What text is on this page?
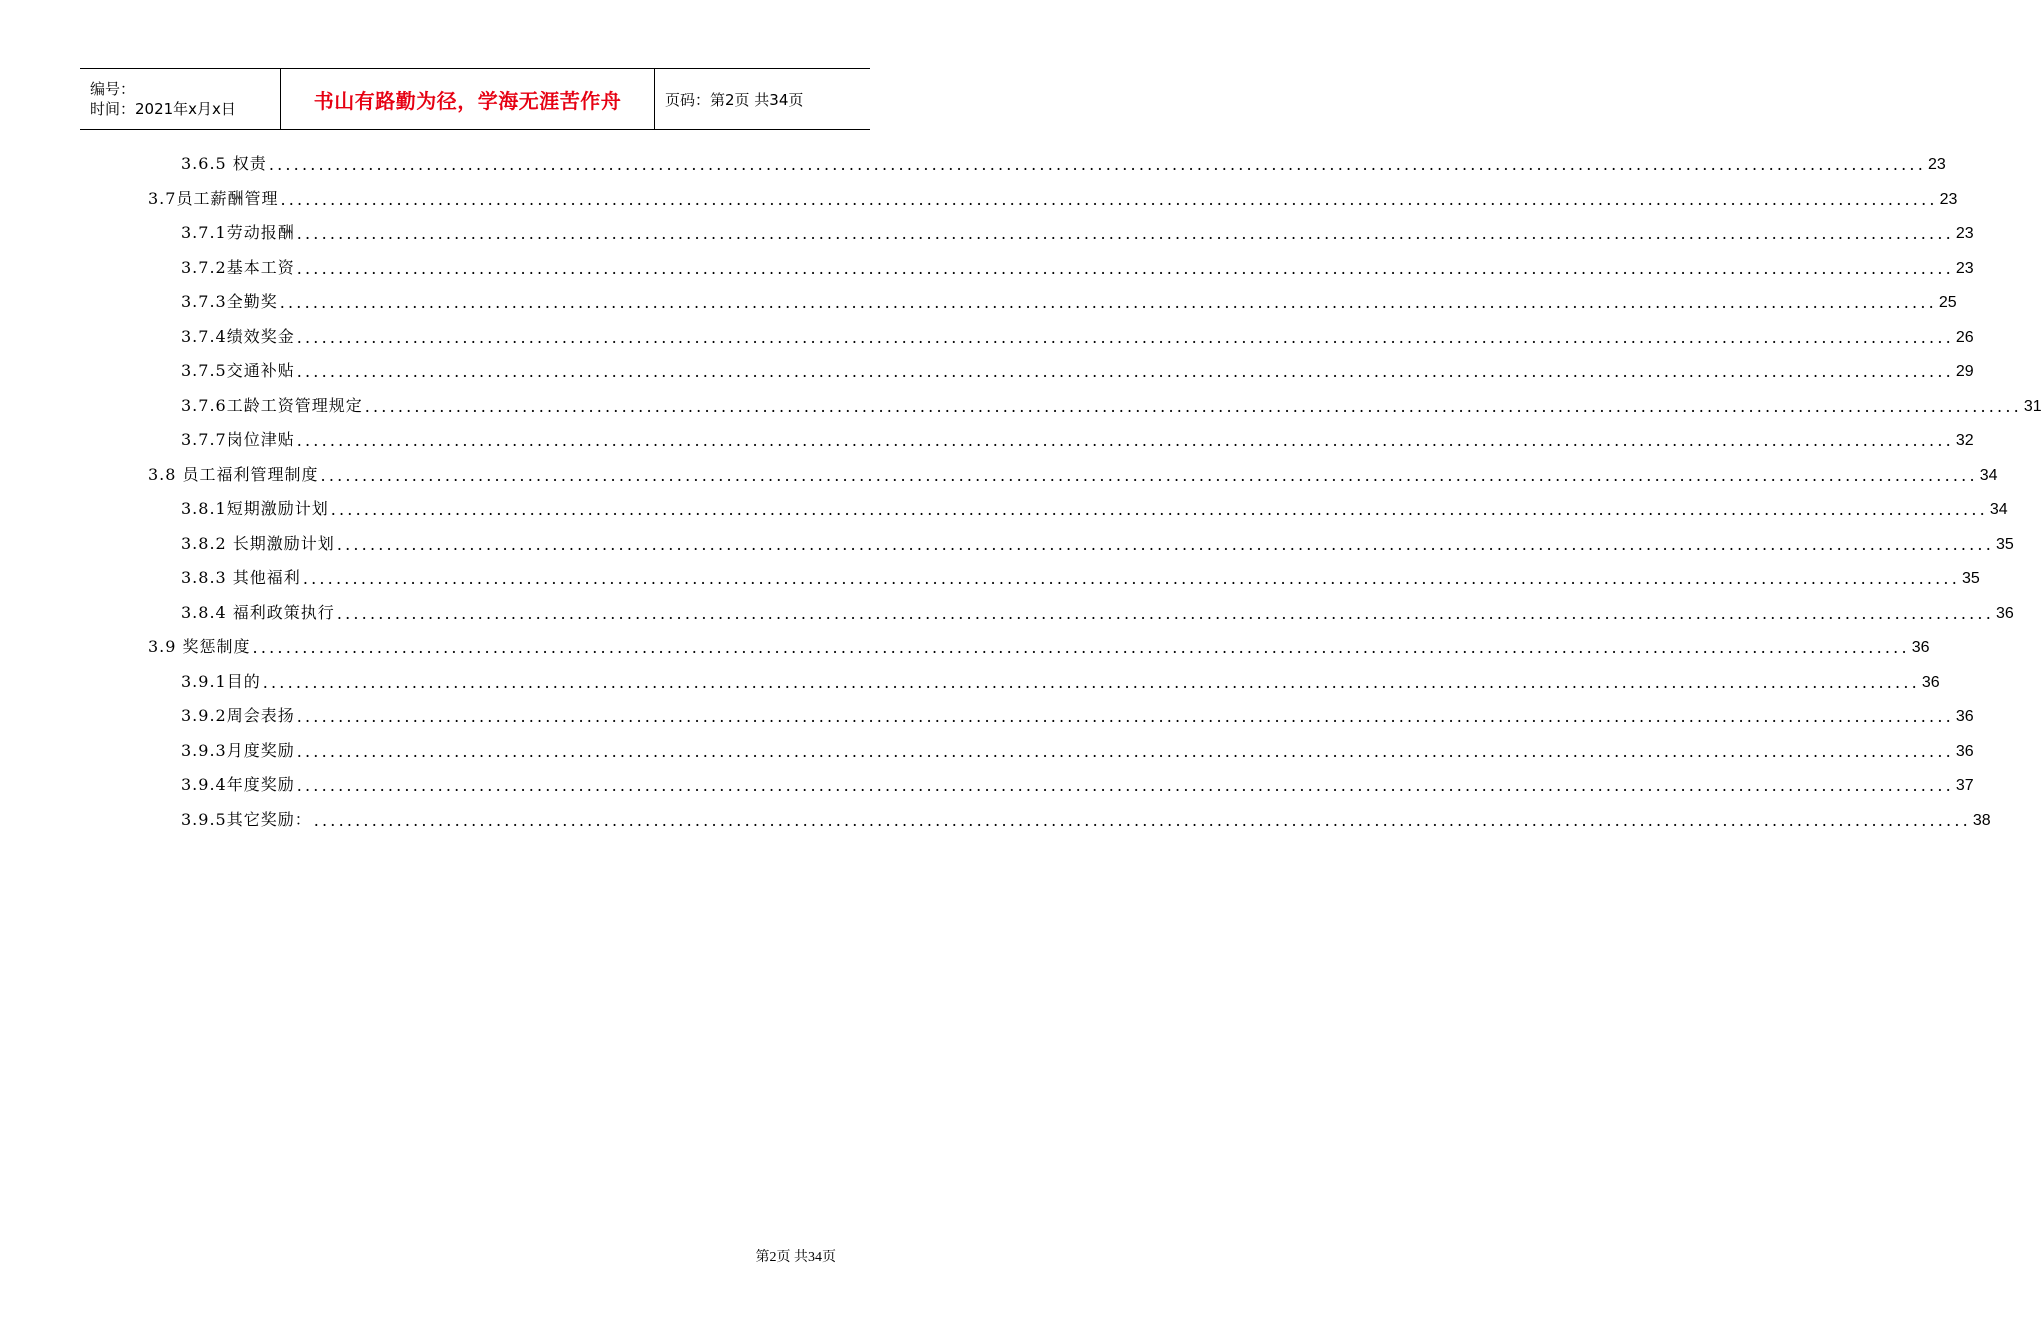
编号：
时间：2021年x月x日	书山有路勤为径，学海无涯苦作舟	页码：第2页 共34页
3.6.5 权责 ........................................................................................................................................................................................................ 23
3.7员工薪酬管理 ........................................................................................................................................................................................................ 23
3.7.1劳动报酬 ........................................................................................................................................................................................................ 23
3.7.2基本工资 ........................................................................................................................................................................................................ 23
3.7.3全勤奖 ........................................................................................................................................................................................................ 25
3.7.4绩效奖金 ........................................................................................................................................................................................................ 26
3.7.5交通补贴 ........................................................................................................................................................................................................ 29
3.7.6工龄工资管理规定 ........................................................................................................................................................................................................ 31
3.7.7岗位津贴 ........................................................................................................................................................................................................ 32
3.8 员工福利管理制度 ........................................................................................................................................................................................................ 34
3.8.1短期激励计划 ........................................................................................................................................................................................................ 34
3.8.2 长期激励计划 ........................................................................................................................................................................................................ 35
3.8.3 其他福利 ........................................................................................................................................................................................................ 35
3.8.4 福利政策执行 ........................................................................................................................................................................................................ 36
3.9 奖惩制度 ........................................................................................................................................................................................................ 36
3.9.1目的 ........................................................................................................................................................................................................ 36
3.9.2周会表扬 ........................................................................................................................................................................................................ 36
3.9.3月度奖励 ........................................................................................................................................................................................................ 36
3.9.4年度奖励 ........................................................................................................................................................................................................ 37
3.9.5其它奖励： ........................................................................................................................................................................................................ 38
第2页 共34页
